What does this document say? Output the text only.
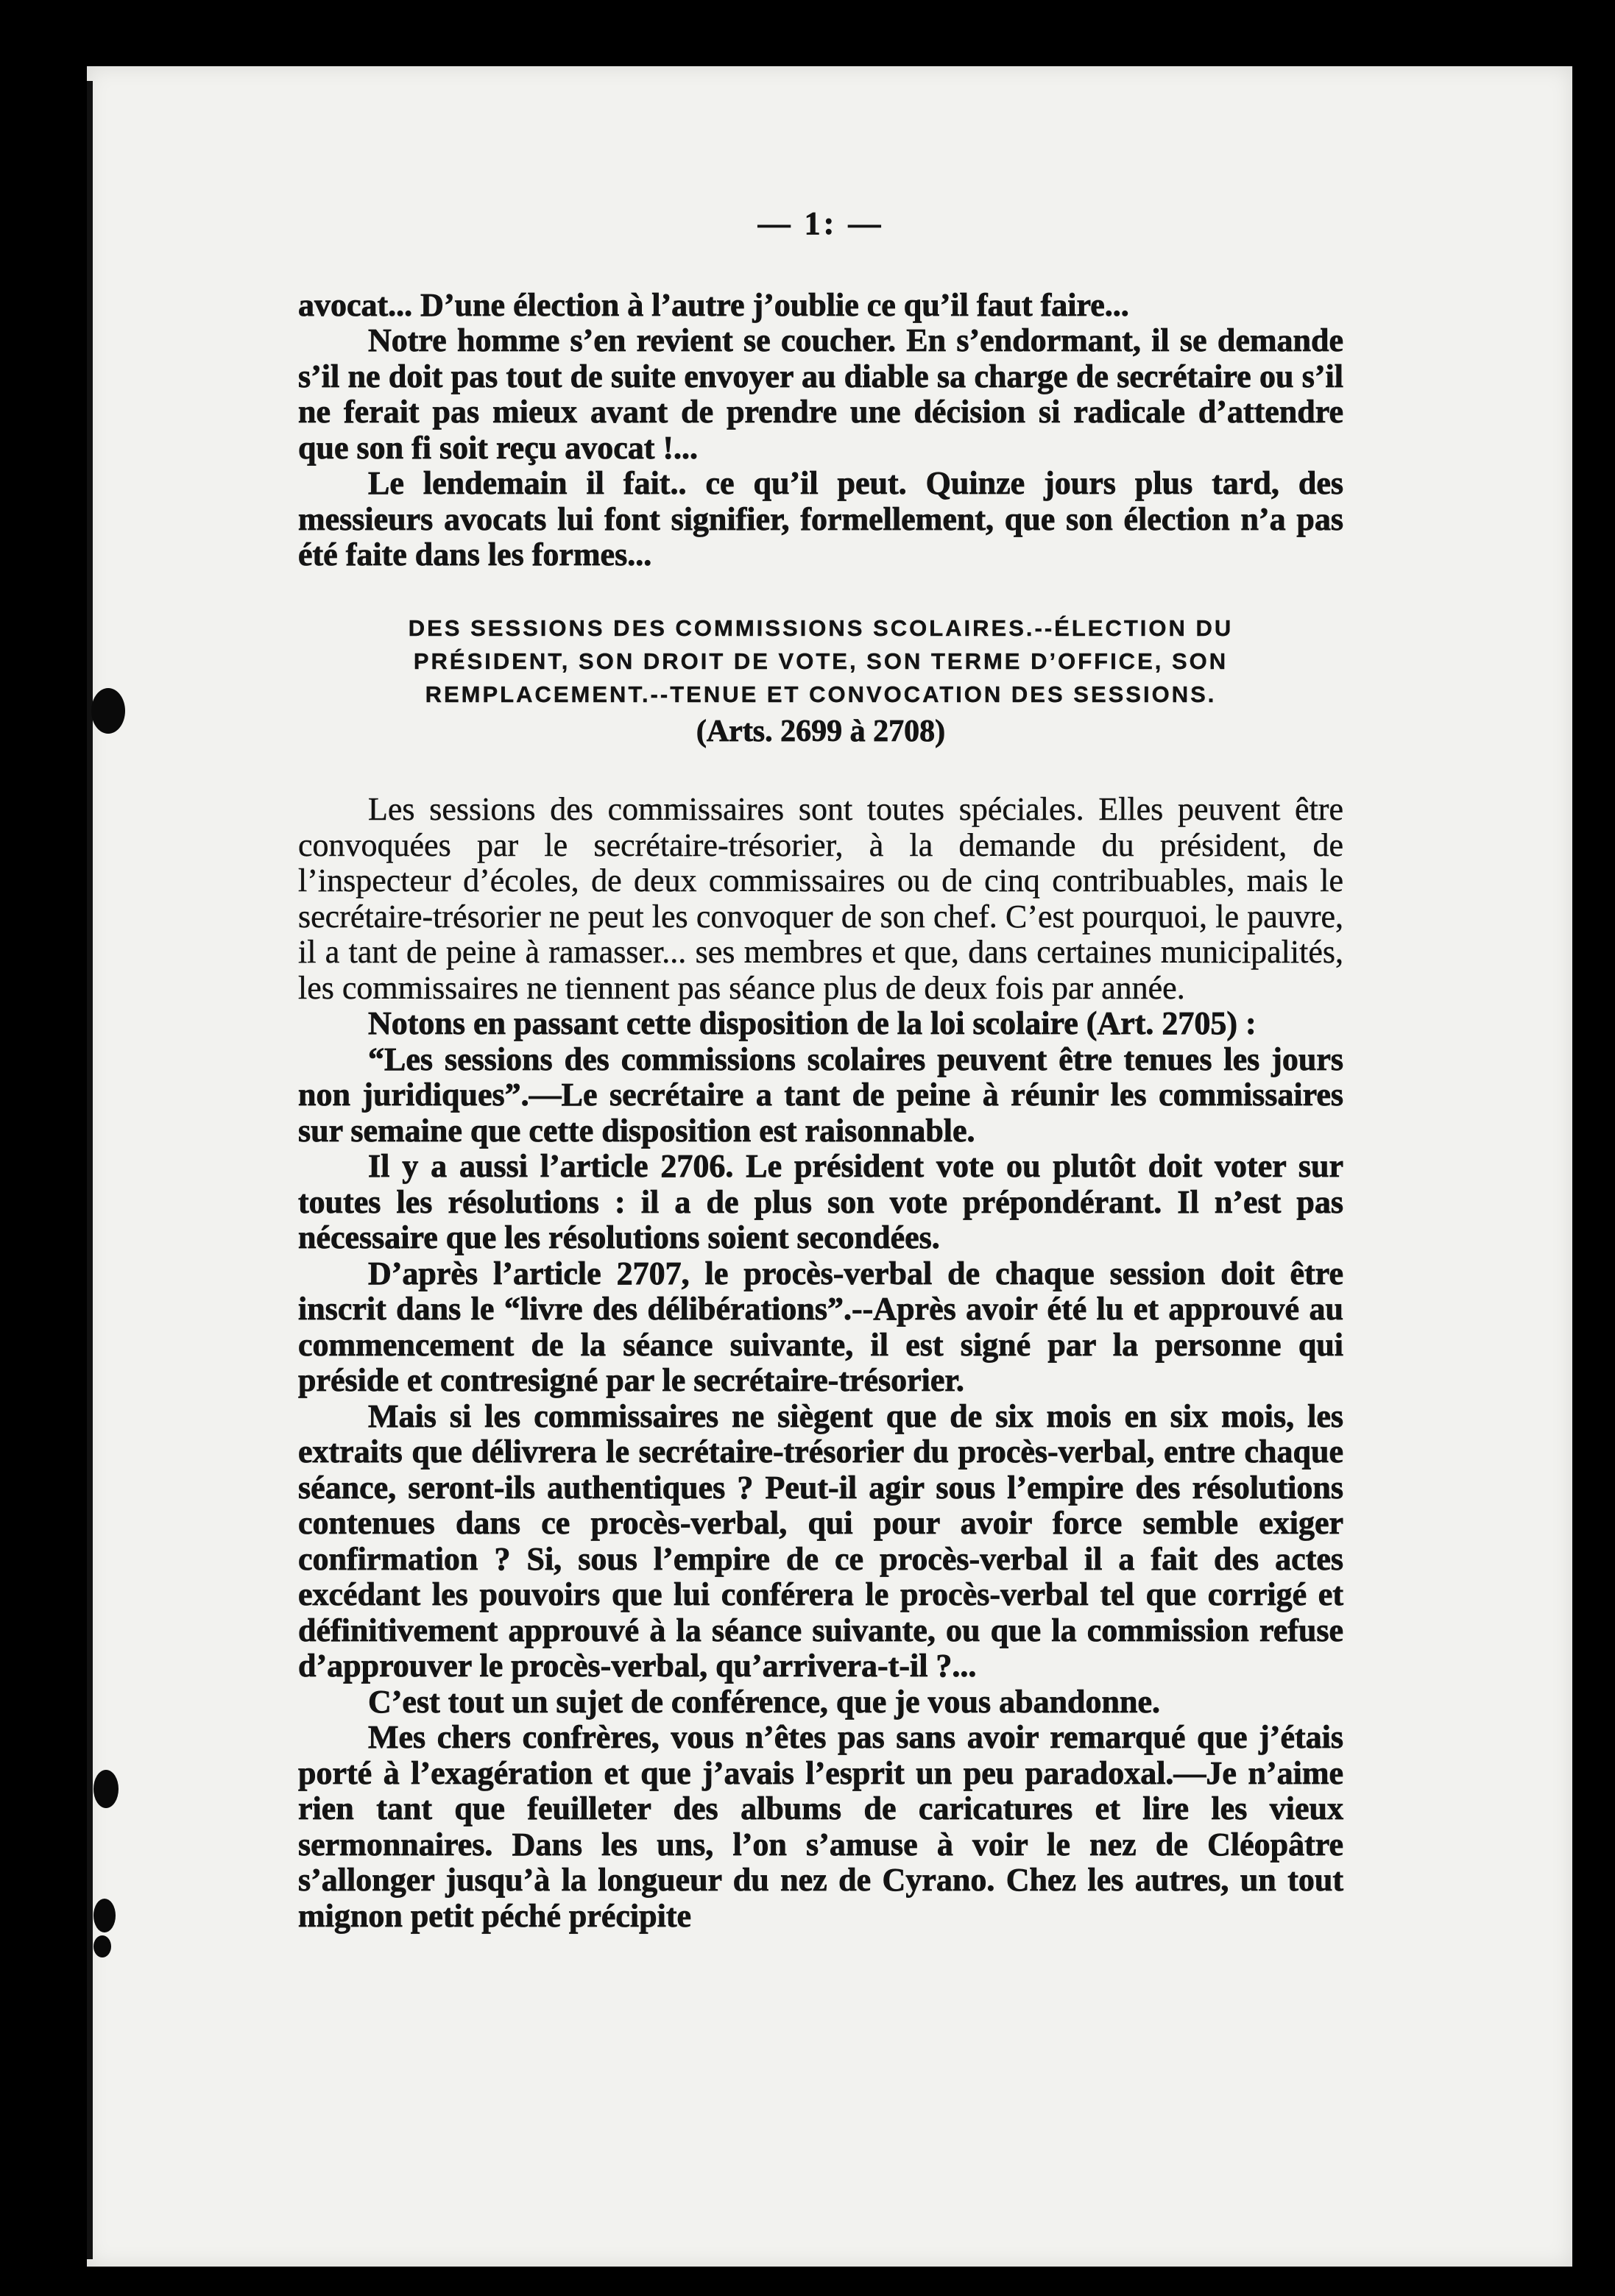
— 1: —

avocat... D’une élection à l’autre j’oublie ce qu’il faut faire...

Notre homme s’en revient se coucher. En s’endormant, il se demande s’il ne doit pas tout de suite envoyer au diable sa charge de secrétaire ou s’il ne ferait pas mieux avant de prendre une décision si radicale d’attendre que son fi soit reçu avocat !...

Le lendemain il fait.. ce qu’il peut. Quinze jours plus tard, des messieurs avocats lui font signifier, formellement, que son élection n’a pas été faite dans les formes...

DES SESSIONS DES COMMISSIONS SCOLAIRES.--ÉLECTION DU PRÉSIDENT, SON DROIT DE VOTE, SON TERME D’OFFICE, SON REMPLACEMENT.--TENUE ET CONVOCATION DES SESSIONS.
(Arts. 2699 à 2708)

Les sessions des commissaires sont toutes spéciales. Elles peuvent être convoquées par le secrétaire-trésorier, à la demande du président, de l’inspecteur d’écoles, de deux commissaires ou de cinq contribuables, mais le secrétaire-trésorier ne peut les convoquer de son chef. C’est pourquoi, le pauvre, il a tant de peine à ramasser... ses membres et que, dans certaines municipalités, les commissaires ne tiennent pas séance plus de deux fois par année.

Notons en passant cette disposition de la loi scolaire (Art. 2705) :

“Les sessions des commissions scolaires peuvent être tenues les jours non juridiques”.—Le secrétaire a tant de peine à réunir les commissaires sur semaine que cette disposition est raisonnable.

Il y a aussi l’article 2706. Le président vote ou plutôt doit voter sur toutes les résolutions : il a de plus son vote prépondérant. Il n’est pas nécessaire que les résolutions soient secondées.

D’après l’article 2707, le procès-verbal de chaque session doit être inscrit dans le “livre des délibérations”.--Après avoir été lu et approuvé au commencement de la séance suivante, il est signé par la personne qui préside et contresigné par le secrétaire-trésorier.

Mais si les commissaires ne siègent que de six mois en six mois, les extraits que délivrera le secrétaire-trésorier du procès-verbal, entre chaque séance, seront-ils authentiques ? Peut-il agir sous l’empire des résolutions contenues dans ce procès-verbal, qui pour avoir force semble exiger confirmation ? Si, sous l’empire de ce procès-verbal il a fait des actes excédant les pouvoirs que lui conférera le procès-verbal tel que corrigé et définitivement approuvé à la séance suivante, ou que la commission refuse d’approuver le procès-verbal, qu’arrivera-t-il ?...

C’est tout un sujet de conférence, que je vous abandonne.

Mes chers confrères, vous n’êtes pas sans avoir remarqué que j’étais porté à l’exagération et que j’avais l’esprit un peu paradoxal.—Je n’aime rien tant que feuilleter des albums de caricatures et lire les vieux sermonnaires. Dans les uns, l’on s’amuse à voir le nez de Cléopâtre s’allonger jusqu’à la longueur du nez de Cyrano. Chez les autres, un tout mignon petit péché précipite
